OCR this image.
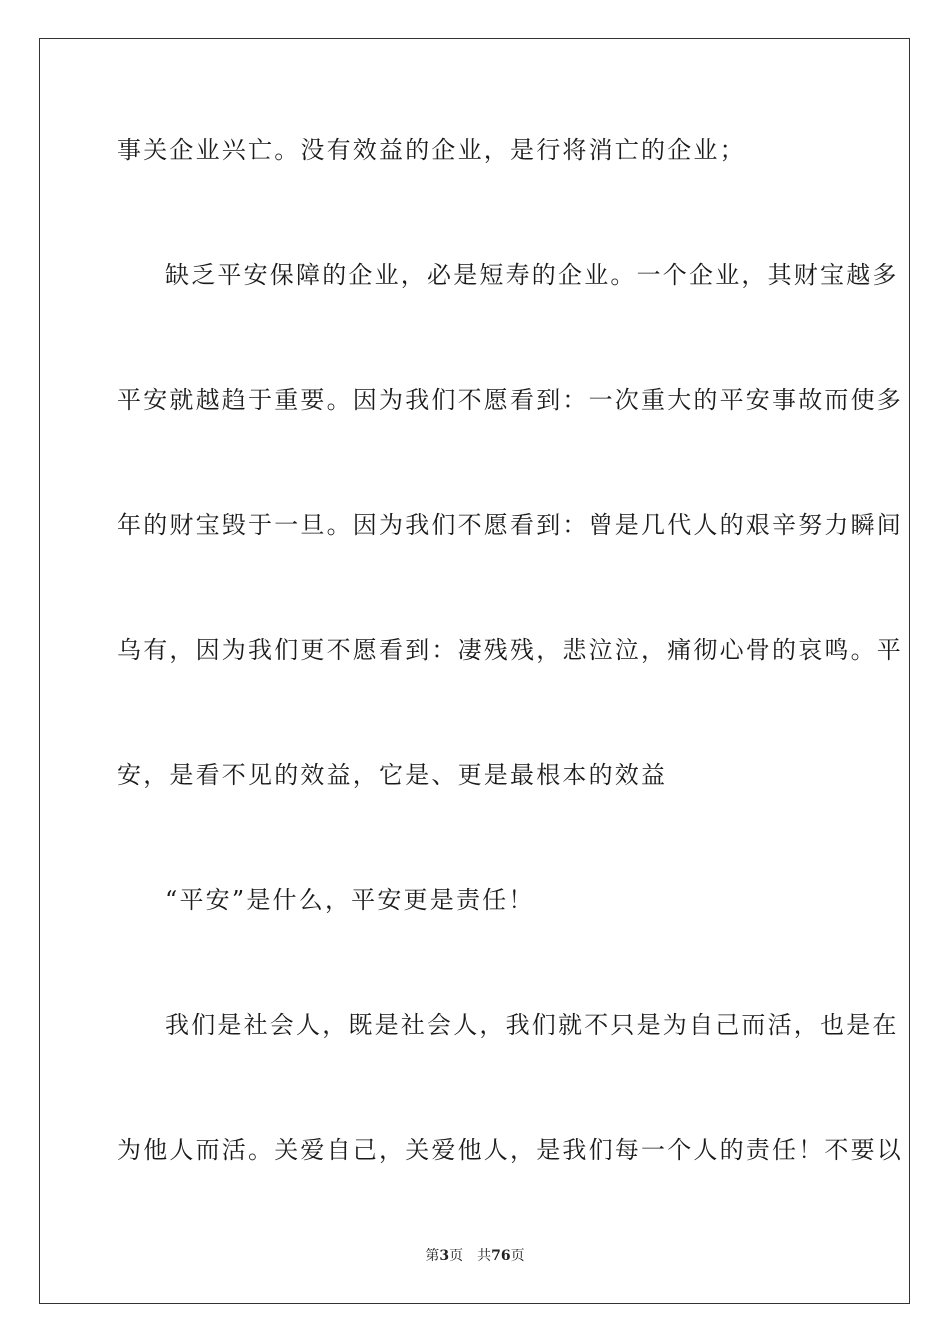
事关企业兴亡。没有效益的企业，是行将消亡的企业；
缺乏平安保障的企业，必是短寿的企业。一个企业，其财宝越多
平安就越趋于重要。因为我们不愿看到：一次重大的平安事故而使多
年的财宝毁于一旦。因为我们不愿看到：曾是几代人的艰辛努力瞬间
乌有，因为我们更不愿看到：凄残残，悲泣泣，痛彻心骨的哀鸣。平
安，是看不见的效益，它是、更是最根本的效益
“平安”是什么，平安更是责任！
我们是社会人，既是社会人，我们就不只是为自己而活，也是在
为他人而活。关爱自己，关爱他人，是我们每一个人的责任！不要以
第3页 共76页
